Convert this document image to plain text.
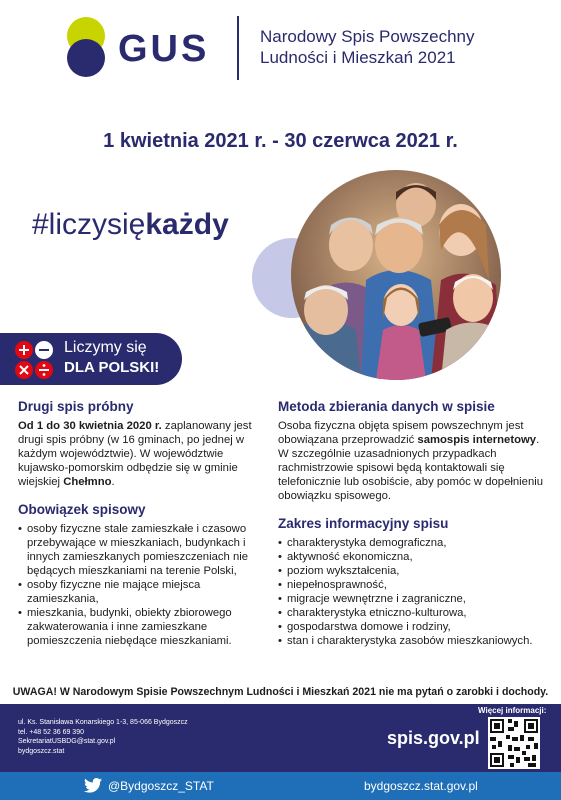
GUS	Narodowy Spis Powszechny
Ludności i Mieszkań 2021
1 kwietnia 2021 r. - 30 czerwca 2021 r.
#liczysiękażdy
Liczymy się
DLA POLSKI!
Drugi spis próbny

Od 1 do 30 kwietnia 2020 r. zaplanowany jest drugi spis próbny (w 16 gminach, po jednej w każdym województwie). W województwie kujawsko-pomorskim odbędzie się w gminie wiejskiej Chełmno.

Obowiązek spisowy
• osoby fizyczne stale zamieszkałe i czasowo przebywające w mieszkaniach, budynkach i innych zamieszkanych pomieszczeniach nie będących mieszkaniami na terenie Polski,
• osoby fizyczne nie mające miejsca zamieszkania,
• mieszkania, budynki, obiekty zbiorowego zakwaterowania i inne zamieszkane pomieszczenia niebędące mieszkaniami.
Metoda zbierania danych w spisie

Osoba fizyczna objęta spisem powszechnym jest obowiązana przeprowadzić samospis internetowy.

W szczególnie uzasadnionych przypadkach rachmistrzowie spisowi będą kontaktowali się telefonicznie lub osobiście, aby pomóc w dopełnieniu obowiązku spisowego.

Zakres informacyjny spisu
• charakterystyka demograficzna,
• aktywność ekonomiczna,
• poziom wykształcenia,
• niepełnosprawność,
• migracje wewnętrzne i zagraniczne,
• charakterystyka etniczno-kulturowa,
• gospodarstwa domowe i rodziny,
• stan i charakterystyka zasobów mieszkaniowych.
UWAGA! W Narodowym Spisie Powszechnym Ludności i Mieszkań 2021 nie ma pytań o zarobki i dochody.
ul. Ks. Stanisława Konarskiego 1-3, 85-066 Bydgoszcz
tel. +48 52 36 69 390
SekretariatUSBDG@stat.gov.pl
bydgoszcz.stat
Więcej informacji:
spis.gov.pl
@Bydgoszcz_STAT	bydgoszcz.stat.gov.pl
